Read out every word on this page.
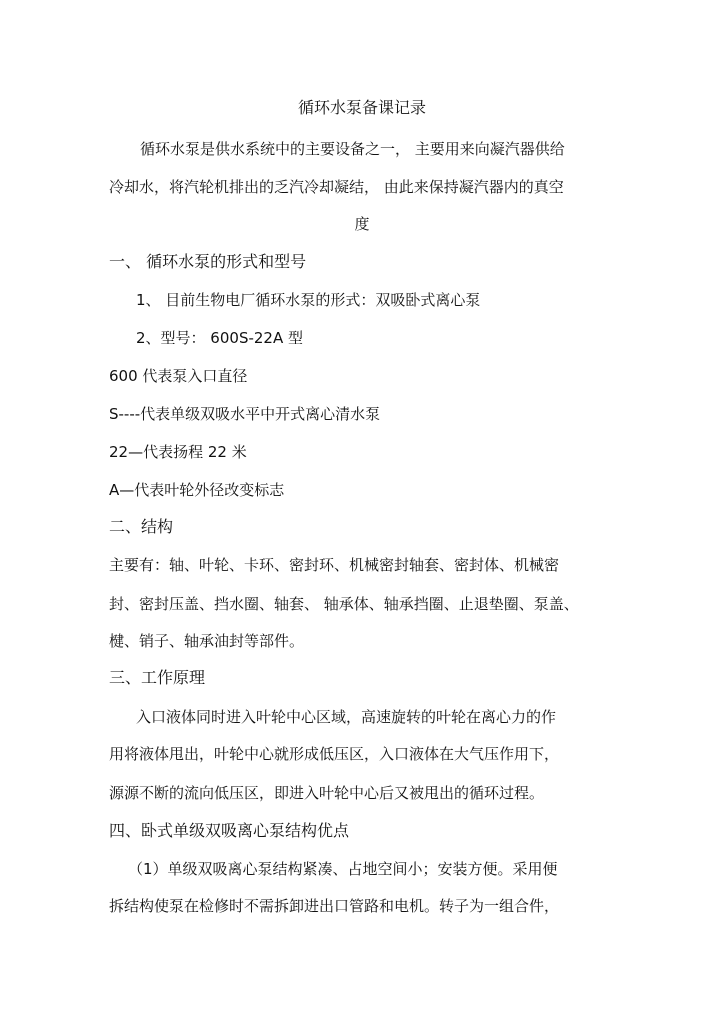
循环水泵备课记录
循环水泵是供水系统中的主要设备之一， 主要用来向凝汽器供给
冷却水，将汽轮机排出的乏汽冷却凝结， 由此来保持凝汽器内的真空
度
一、 循环水泵的形式和型号
1、 目前生物电厂循环水泵的形式：双吸卧式离心泵
2、型号： 600S-22A 型
600 代表泵入口直径
S----代表单级双吸水平中开式离心清水泵
22—代表扬程 22 米
A—代表叶轮外径改变标志
二、结构
主要有：轴、叶轮、卡环、密封环、机械密封轴套、密封体、机械密
封、密封压盖、挡水圈、轴套、 轴承体、轴承挡圈、止退垫圈、泵盖、
楗、销子、轴承油封等部件。
三、工作原理
入口液体同时进入叶轮中心区域，高速旋转的叶轮在离心力的作
用将液体甩出，叶轮中心就形成低压区，入口液体在大气压作用下，
源源不断的流向低压区，即进入叶轮中心后又被甩出的循环过程。
四、卧式单级双吸离心泵结构优点
（1）单级双吸离心泵结构紧凑、占地空间小；安装方便。采用便
拆结构使泵在检修时不需拆卸进出口管路和电机。转子为一组合件，
